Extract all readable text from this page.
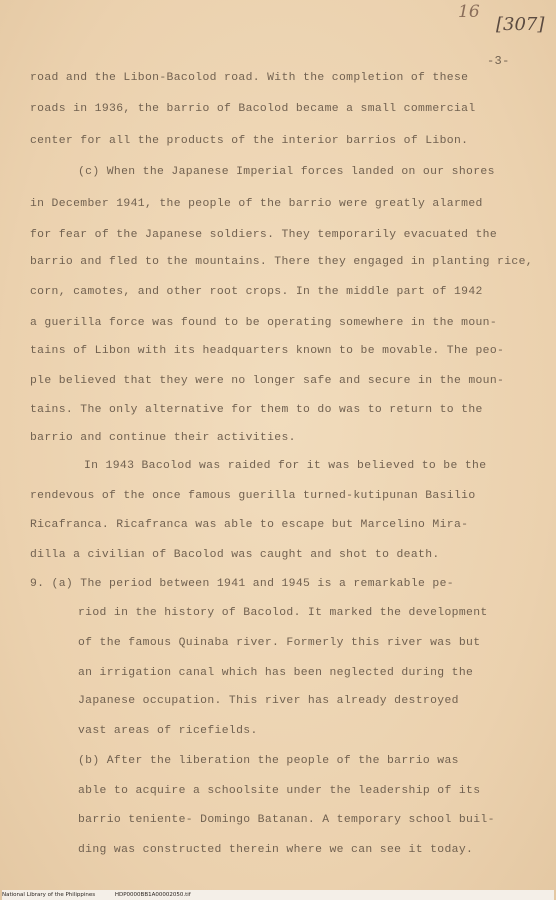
16
[307]
-3-
road and the Libon-Bacolod road. With the completion of these
roads in 1936, the barrio of Bacolod became a small commercial
center for all the products of the interior barrios of Libon.
(c) When the Japanese Imperial forces landed on our shores
in December 1941, the people of the barrio were greatly alarmed
for fear of the Japanese soldiers. They temporarily evacuated the
barrio and fled to the mountains. There they engaged in planting rice,
corn, camotes, and other root crops. In the middle part of 1942
a guerilla force was found to be operating somewhere in the moun-
tains of Libon with its headquarters known to be movable. The peo-
ple believed that they were no longer safe and secure in the moun-
tains. The only alternative for them to do was to return to the
barrio and continue their activities.
In 1943 Bacolod was raided for it was believed to be the
rendevous of the once famous guerilla turned-kutipunan Basilio
Ricafranca. Ricafranca was able to escape but Marcelino Mira-
dilla a civilian of Bacolod was caught and shot to death.
9. (a) The period between 1941 and 1945 is a remarkable pe-
riod in the history of Bacolod. It marked the development
of the famous Quinaba river. Formerly this river was but
an irrigation canal which has been neglected during the
Japanese occupation. This river has already destroyed
vast areas of ricefields.
(b) After the liberation the people of the barrio was
able to acquire a schoolsite under the leadership of its
barrio teniente- Domingo Batanan. A temporary school buil-
ding was constructed therein where we can see it today.
National Library of the Philippines	HDP0000BB1A00002050.tif
